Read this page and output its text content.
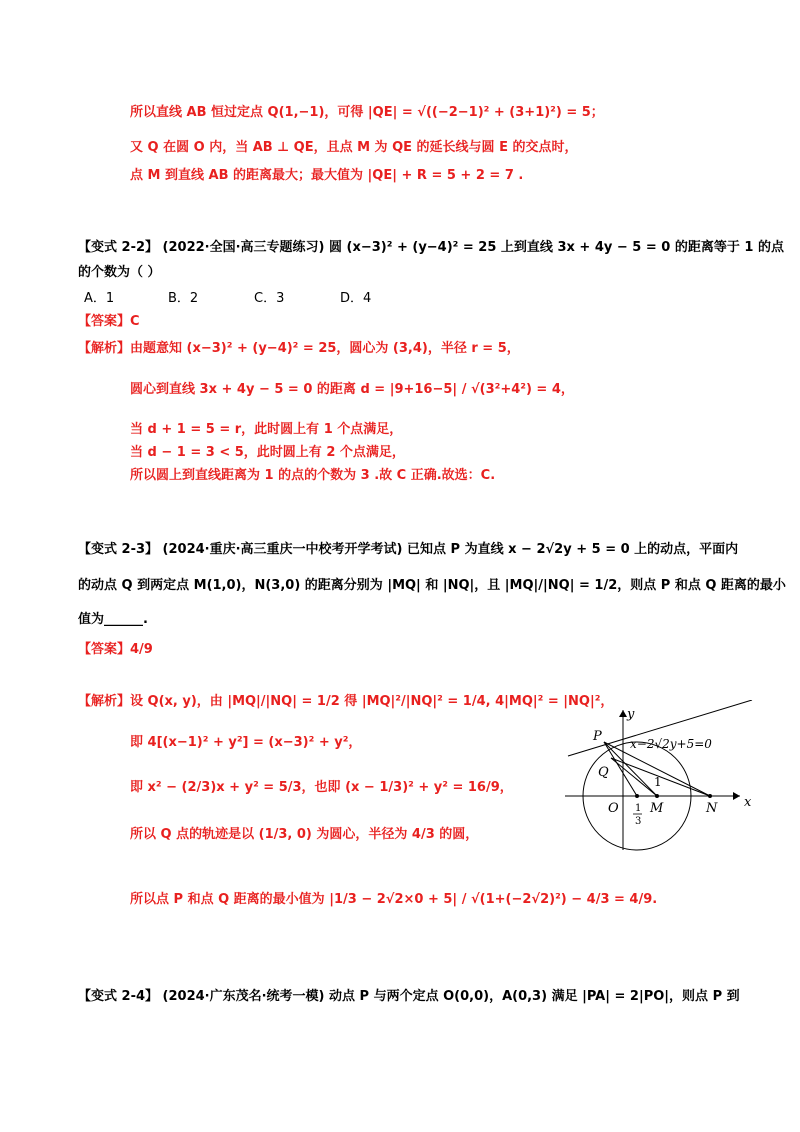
所以直线 AB 恒过定点 Q(1,−1)，可得 |QE| = √((−2−1)² + (3+1)²) = 5；
又 Q 在圆 O 内，当 AB ⊥ QE，且点 M 为 QE 的延长线与圆 E 的交点时，
点 M 到直线 AB 的距离最大；最大值为 |QE| + R = 5 + 2 = 7 .
【变式 2-2】 (2022·全国·高三专题练习) 圆 (x−3)² + (y−4)² = 25 上到直线 3x + 4y − 5 = 0 的距离等于 1 的点
的个数为（ ）
A．1	B．2	C．3	D．4
【答案】C
【解析】由题意知 (x−3)² + (y−4)² = 25，圆心为 (3,4)，半径 r = 5，
圆心到直线 3x + 4y − 5 = 0 的距离 d = |9+16−5| / √(3²+4²) = 4，
当 d + 1 = 5 = r，此时圆上有 1 个点满足，
当 d − 1 = 3 < 5，此时圆上有 2 个点满足，
所以圆上到直线距离为 1 的点的个数为 3 .故 C 正确.故选：C.
【变式 2-3】 (2024·重庆·高三重庆一中校考开学考试) 已知点 P 为直线 x − 2√2y + 5 = 0 上的动点，平面内
的动点 Q 到两定点 M(1,0)，N(3,0) 的距离分别为 |MQ| 和 |NQ|，且 |MQ|/|NQ| = 1/2，则点 P 和点 Q 距离的最小
值为______.
【答案】4/9
【解析】设 Q(x, y)，由 |MQ|/|NQ| = 1/2 得 |MQ|²/|NQ|² = 1/4, 4|MQ|² = |NQ|²，
即 4[(x−1)² + y²] = (x−3)² + y²，
即 x² − (2/3)x + y² = 5/3，也即 (x − 1/3)² + y² = 16/9，
所以 Q 点的轨迹是以 (1/3, 0) 为圆心，半径为 4/3 的圆，
所以点 P 和点 Q 距离的最小值为 |1/3 − 2√2×0 + 5| / √(1+(−2√2)²) − 4/3 = 4/9.
y
x
x−2√2y+5=0
P
Q
O M	N
1
1
3
【变式 2-4】 (2024·广东茂名·统考一模) 动点 P 与两个定点 O(0,0)，A(0,3) 满足 |PA| = 2|PO|，则点 P 到
